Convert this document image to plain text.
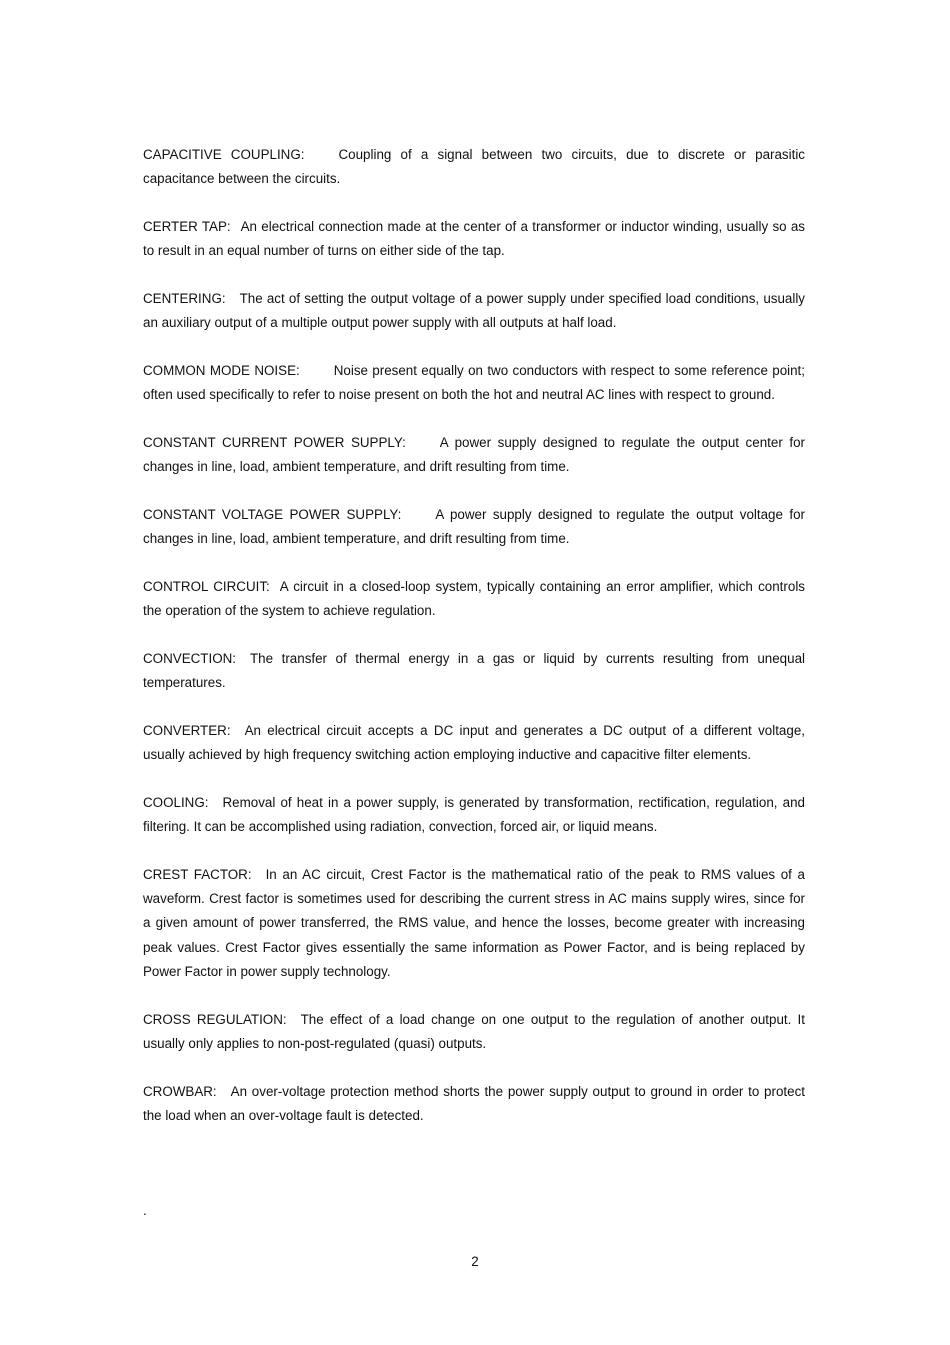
CAPACITIVE COUPLING:	Coupling of a signal between two circuits, due to discrete or parasitic capacitance between the circuits.

CERTER TAP: An electrical connection made at the center of a transformer or inductor winding, usually so as to result in an equal number of turns on either side of the tap.

CENTERING: The act of setting the output voltage of a power supply under specified load conditions, usually an auxiliary output of a multiple output power supply with all outputs at half load.

COMMON MODE NOISE:	Noise present equally on two conductors with respect to some reference point; often used specifically to refer to noise present on both the hot and neutral AC lines with respect to ground.

CONSTANT CURRENT POWER SUPPLY:	A power supply designed to regulate the output center for changes in line, load, ambient temperature, and drift resulting from time.

CONSTANT VOLTAGE POWER SUPPLY:	A power supply designed to regulate the output voltage for changes in line, load, ambient temperature, and drift resulting from time.

CONTROL CIRCUIT: A circuit in a closed-loop system, typically containing an error amplifier, which controls the operation of the system to achieve regulation.

CONVECTION: The transfer of thermal energy in a gas or liquid by currents resulting from unequal temperatures.

CONVERTER: An electrical circuit accepts a DC input and generates a DC output of a different voltage, usually achieved by high frequency switching action employing inductive and capacitive filter elements.

COOLING: Removal of heat in a power supply, is generated by transformation, rectification, regulation, and filtering. It can be accomplished using radiation, convection, forced air, or liquid means.

CREST FACTOR: In an AC circuit, Crest Factor is the mathematical ratio of the peak to RMS values of a waveform. Crest factor is sometimes used for describing the current stress in AC mains supply wires, since for a given amount of power transferred, the RMS value, and hence the losses, become greater with increasing peak values. Crest Factor gives essentially the same information as Power Factor, and is being replaced by Power Factor in power supply technology.

CROSS REGULATION: The effect of a load change on one output to the regulation of another output. It usually only applies to non-post-regulated (quasi) outputs.

CROWBAR: An over-voltage protection method shorts the power supply output to ground in order to protect the load when an over-voltage fault is detected.

.
2
